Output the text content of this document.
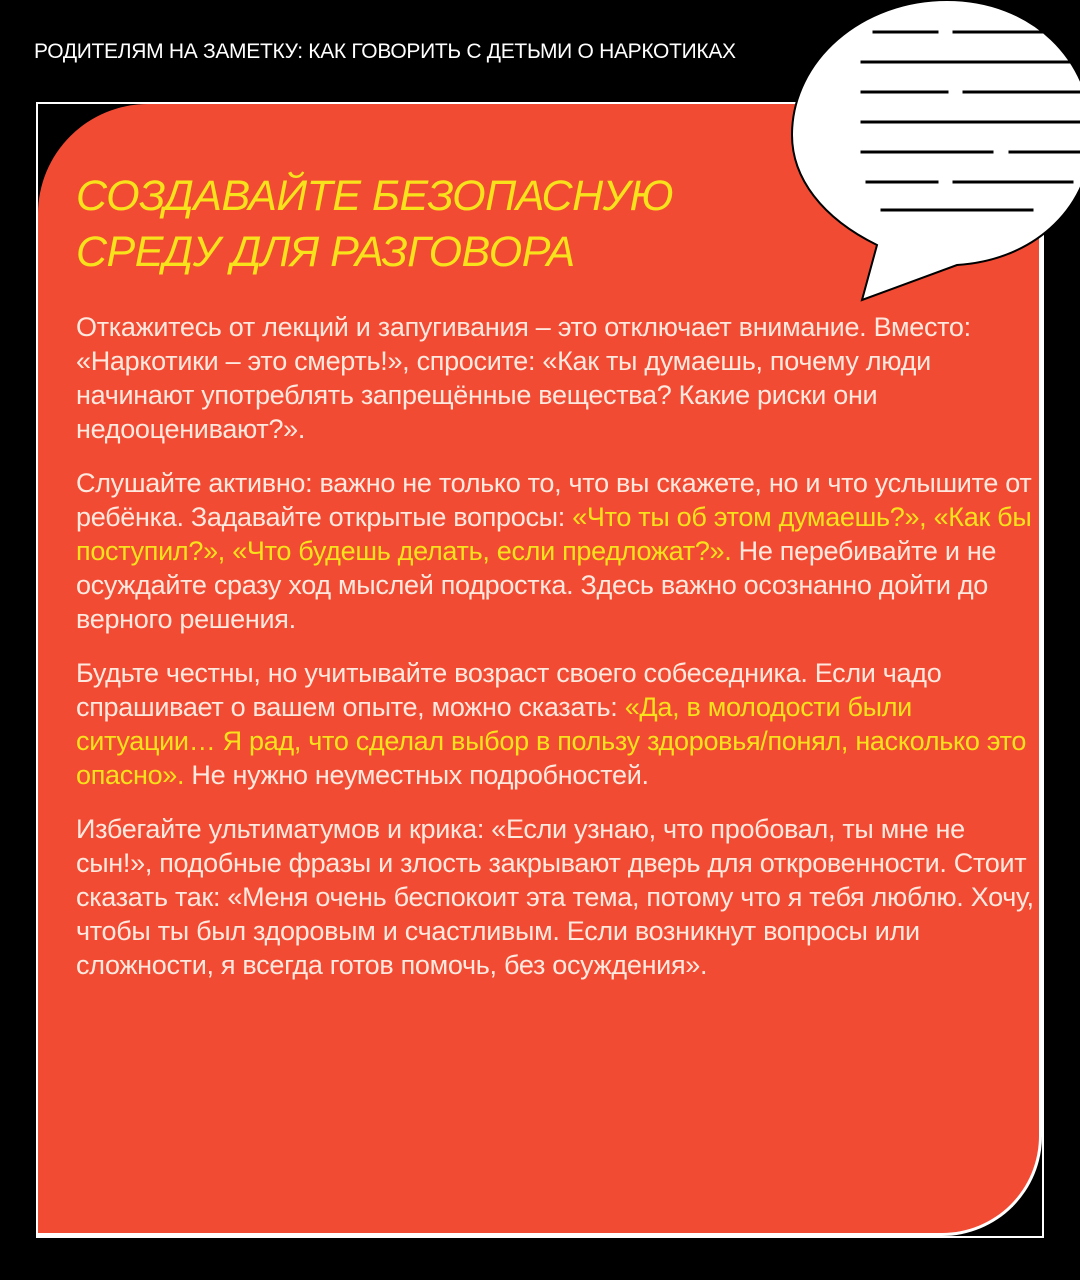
РОДИТЕЛЯМ НА ЗАМЕТКУ: КАК ГОВОРИТЬ С ДЕТЬМИ О НАРКОТИКАХ
СОЗДАВАЙТЕ БЕЗОПАСНУЮ
СРЕДУ ДЛЯ РАЗГОВОРА

Откажитесь от лекций и запугивания – это отключает внимание. Вместо: «Наркотики – это смерть!», спросите: «Как ты думаешь, почему люди начинают употреблять запрещённые вещества? Какие риски они недооценивают?».

Слушайте активно: важно не только то, что вы скажете, но и что услышите от ребёнка. Задавайте открытые вопросы: «Что ты об этом думаешь?», «Как бы поступил?», «Что будешь делать, если предложат?». Не перебивайте и не осуждайте сразу ход мыслей подростка. Здесь важно осознанно дойти до верного решения.

Будьте честны, но учитывайте возраст своего собеседника. Если чадо спрашивает о вашем опыте, можно сказать: «Да, в молодости были ситуации… Я рад, что сделал выбор в пользу здоровья/понял, насколько это опасно». Не нужно неуместных подробностей.

Избегайте ультиматумов и крика: «Если узнаю, что пробовал, ты мне не сын!», подобные фразы и злость закрывают дверь для откровенности. Стоит сказать так: «Меня очень беспокоит эта тема, потому что я тебя люблю. Хочу, чтобы ты был здоровым и счастливым. Если возникнут вопросы или сложности, я всегда готов помочь, без осуждения».
